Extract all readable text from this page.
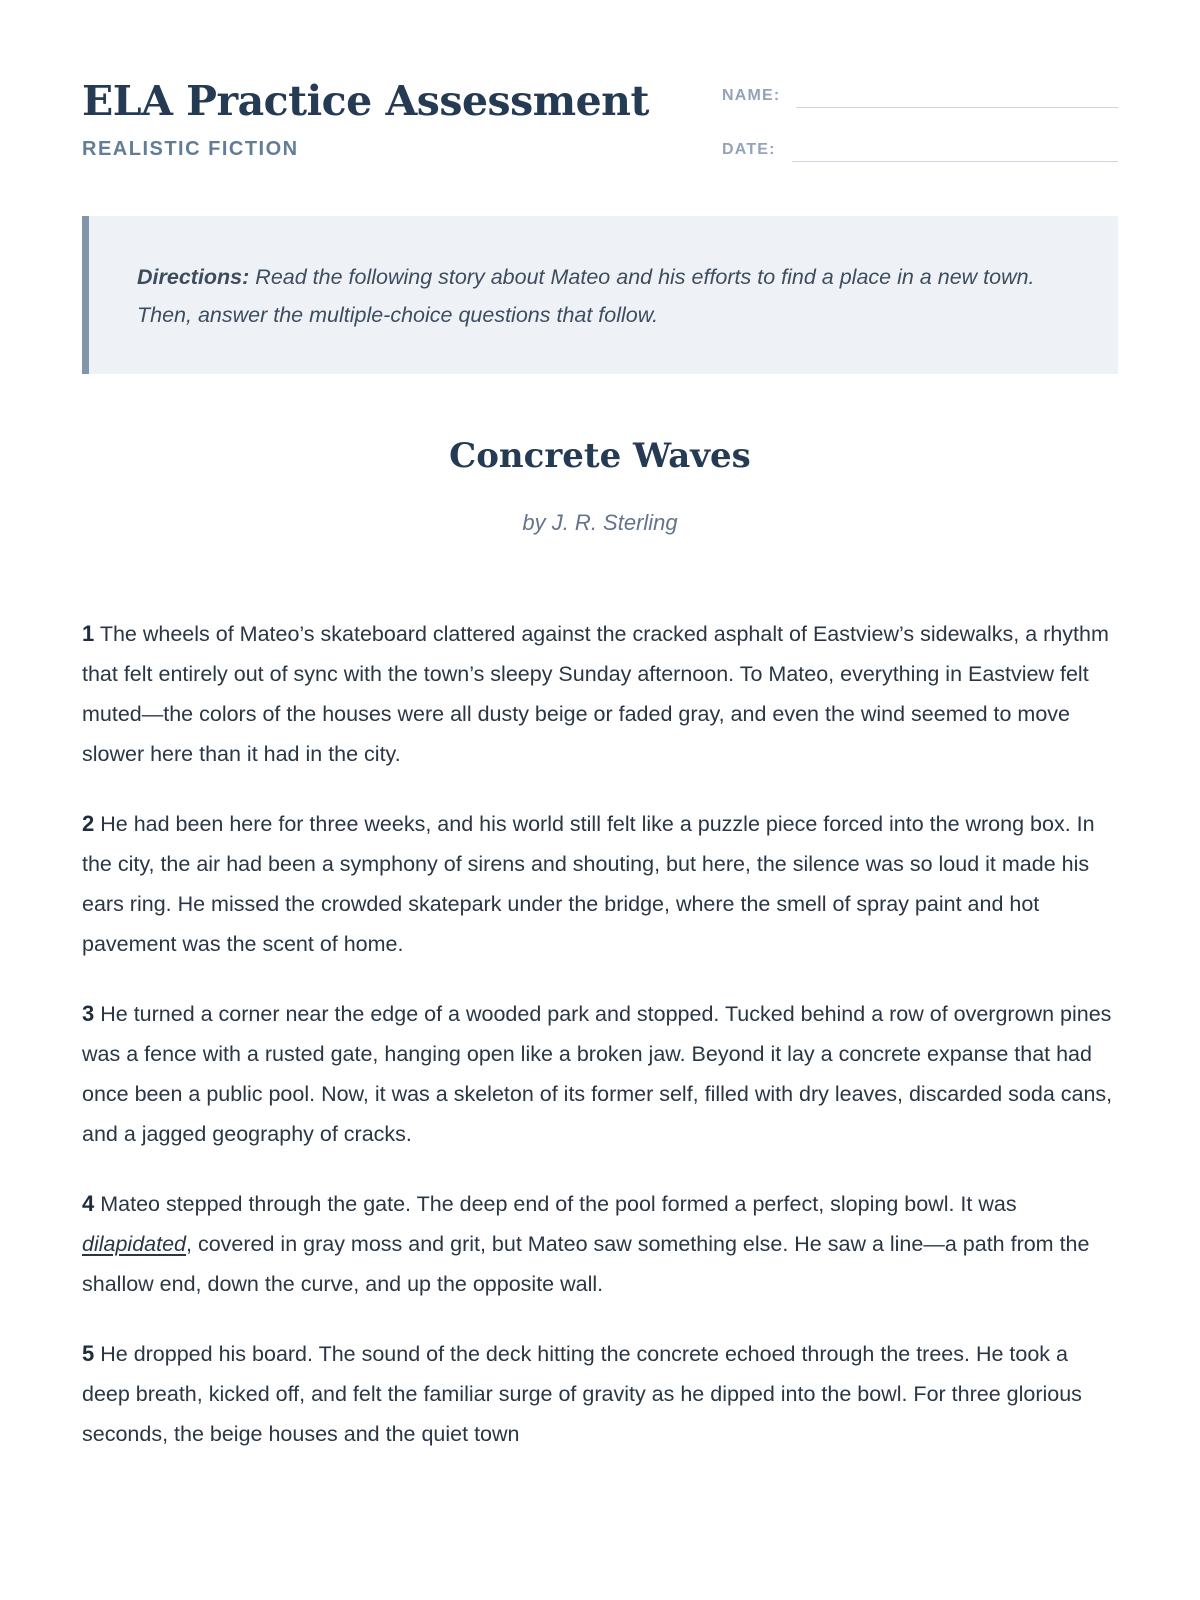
ELA Practice Assessment
REALISTIC FICTION
NAME:
DATE:

Directions: Read the following story about Mateo and his efforts to find a place in a new town. Then, answer the multiple-choice questions that follow.

Concrete Waves
by J. R. Sterling

1 The wheels of Mateo’s skateboard clattered against the cracked asphalt of Eastview’s sidewalks, a rhythm that felt entirely out of sync with the town’s sleepy Sunday afternoon. To Mateo, everything in Eastview felt muted—the colors of the houses were all dusty beige or faded gray, and even the wind seemed to move slower here than it had in the city.

2 He had been here for three weeks, and his world still felt like a puzzle piece forced into the wrong box. In the city, the air had been a symphony of sirens and shouting, but here, the silence was so loud it made his ears ring. He missed the crowded skatepark under the bridge, where the smell of spray paint and hot pavement was the scent of home.

3 He turned a corner near the edge of a wooded park and stopped. Tucked behind a row of overgrown pines was a fence with a rusted gate, hanging open like a broken jaw. Beyond it lay a concrete expanse that had once been a public pool. Now, it was a skeleton of its former self, filled with dry leaves, discarded soda cans, and a jagged geography of cracks.

4 Mateo stepped through the gate. The deep end of the pool formed a perfect, sloping bowl. It was dilapidated, covered in gray moss and grit, but Mateo saw something else. He saw a line—a path from the shallow end, down the curve, and up the opposite wall.

5 He dropped his board. The sound of the deck hitting the concrete echoed through the trees. He took a deep breath, kicked off, and felt the familiar surge of gravity as he dipped into the bowl. For three glorious seconds, the beige houses and the quiet town
